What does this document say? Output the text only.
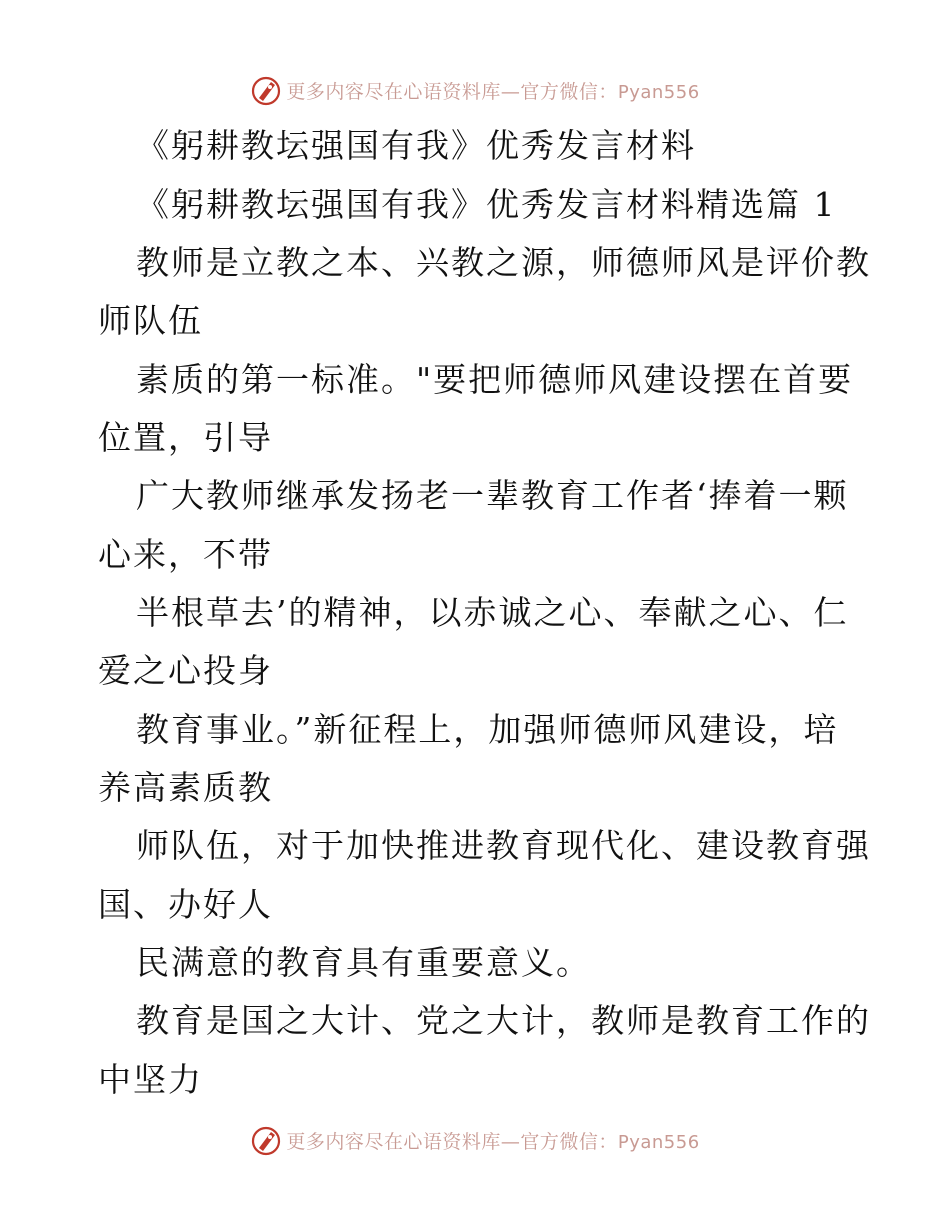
更多内容尽在心语资料库—官方微信：Pyan556
《躬耕教坛强国有我》优秀发言材料
《躬耕教坛强国有我》优秀发言材料精选篇 1
教师是立教之本、兴教之源，师德师风是评价教
师队伍
素质的第一标准。"要把师德师风建设摆在首要
位置，引导
广大教师继承发扬老一辈教育工作者‘捧着一颗
心来，不带
半根草去’的精神，以赤诚之心、奉献之心、仁
爱之心投身
教育事业。”新征程上，加强师德师风建设，培
养高素质教
师队伍，对于加快推进教育现代化、建设教育强
国、办好人
民满意的教育具有重要意义。
教育是国之大计、党之大计，教师是教育工作的
中坚力
更多内容尽在心语资料库—官方微信：Pyan556
